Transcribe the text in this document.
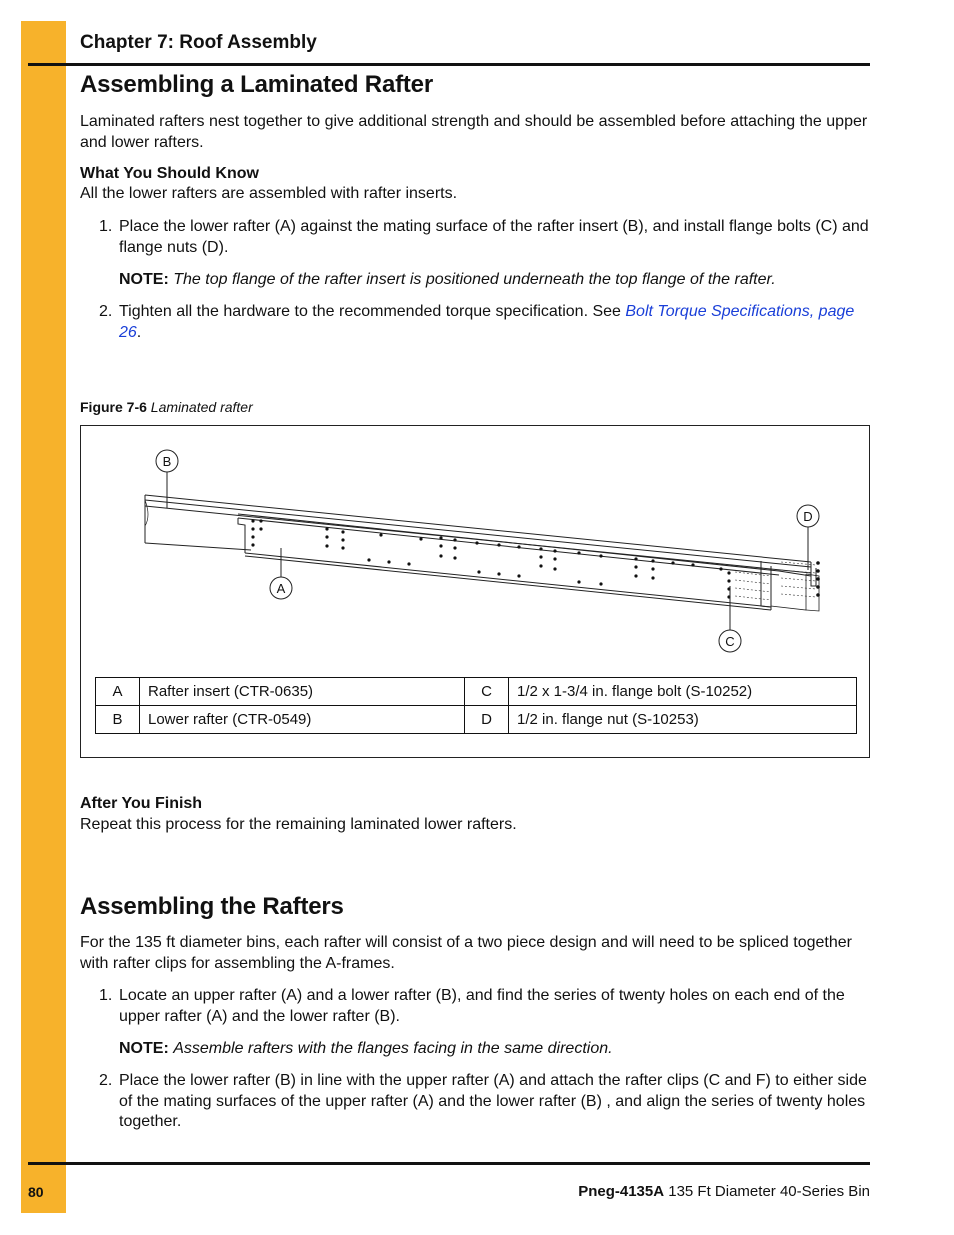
Chapter 7: Roof Assembly
Assembling a Laminated Rafter
Laminated rafters nest together to give additional strength and should be assembled before attaching the upper and lower rafters.
What You Should Know
All the lower rafters are assembled with rafter inserts.
1. Place the lower rafter (A) against the mating surface of the rafter insert (B), and install flange bolts (C) and flange nuts (D).
NOTE: The top flange of the rafter insert is positioned underneath the top flange of the rafter.
2. Tighten all the hardware to the recommended torque specification. See Bolt Torque Specifications, page 26.
Figure 7-6 Laminated rafter
B
A
D
C
A	Rafter insert (CTR-0635)	C	1/2 x 1-3/4 in. flange bolt (S-10252)
B	Lower rafter (CTR-0549)	D	1/2 in. flange nut (S-10253)
After You Finish
Repeat this process for the remaining laminated lower rafters.
Assembling the Rafters
For the 135 ft diameter bins, each rafter will consist of a two piece design and will need to be spliced together with rafter clips for assembling the A-frames.
1. Locate an upper rafter (A) and a lower rafter (B), and find the series of twenty holes on each end of the upper rafter (A) and the lower rafter (B).
NOTE: Assemble rafters with the flanges facing in the same direction.
2. Place the lower rafter (B) in line with the upper rafter (A) and attach the rafter clips (C and F) to either side of the mating surfaces of the upper rafter (A) and the lower rafter (B) , and align the series of twenty holes together.
80	Pneg-4135A 135 Ft Diameter 40-Series Bin
